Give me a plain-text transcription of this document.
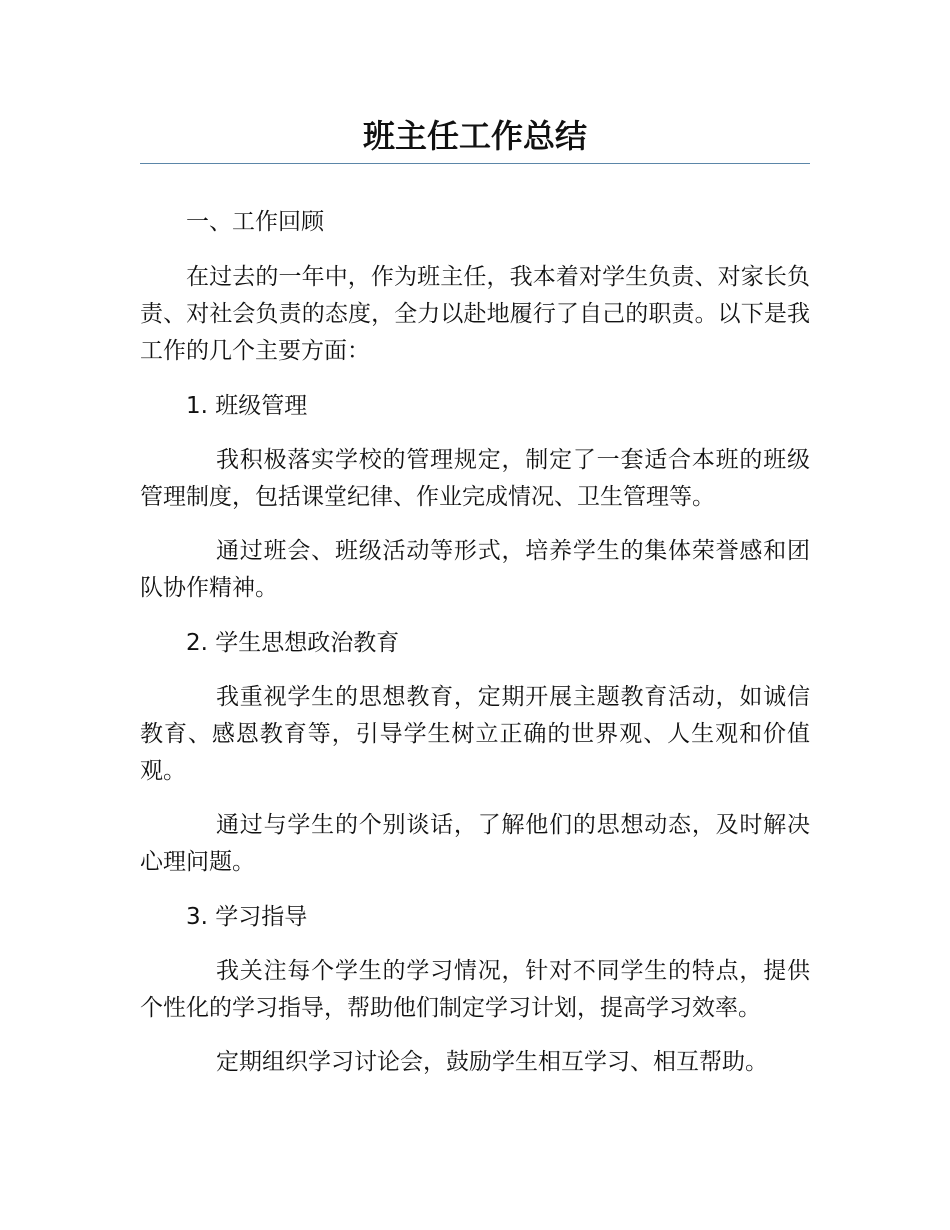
班主任工作总结

一、工作回顾

在过去的一年中，作为班主任，我本着对学生负责、对家长负责、对社会负责的态度，全力以赴地履行了自己的职责。以下是我工作的几个主要方面：

1. 班级管理

我积极落实学校的管理规定，制定了一套适合本班的班级管理制度，包括课堂纪律、作业完成情况、卫生管理等。

通过班会、班级活动等形式，培养学生的集体荣誉感和团队协作精神。

2. 学生思想政治教育

我重视学生的思想教育，定期开展主题教育活动，如诚信教育、感恩教育等，引导学生树立正确的世界观、人生观和价值观。

通过与学生的个别谈话，了解他们的思想动态，及时解决心理问题。

3. 学习指导

我关注每个学生的学习情况，针对不同学生的特点，提供个性化的学习指导，帮助他们制定学习计划，提高学习效率。

定期组织学习讨论会，鼓励学生相互学习、相互帮助。
